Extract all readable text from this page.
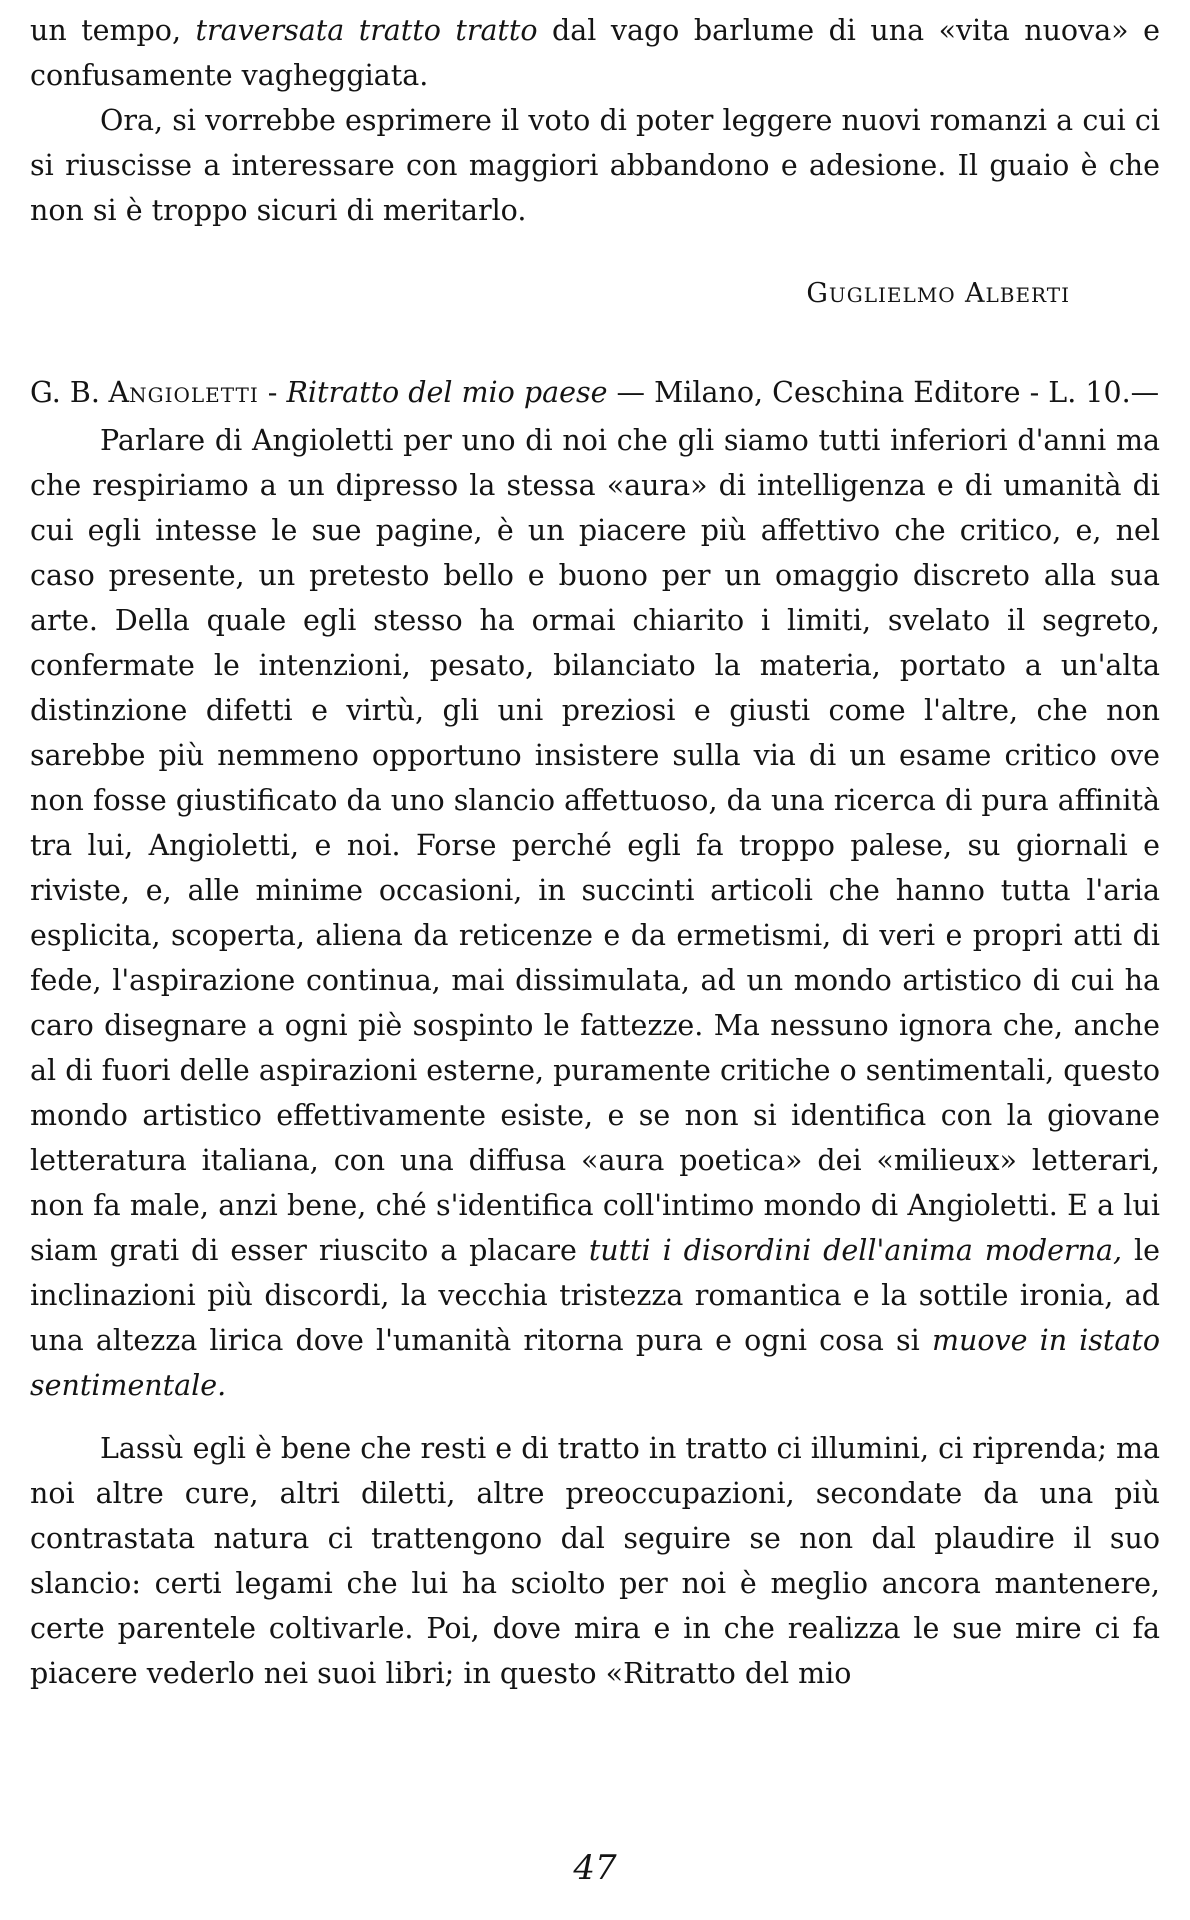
un tempo, traversata tratto tratto dal vago barlume di una «vita nuova» e confusamente vagheggiata.

Ora, si vorrebbe esprimere il voto di poter leggere nuovi romanzi a cui ci si riuscisse a interessare con maggiori abbandono e adesione. Il guaio è che non si è troppo sicuri di meritarlo.

GUGLIELMO ALBERTI

G. B. ANGIOLETTI - Ritratto del mio paese — Milano, Ceschina Editore - L. 10.—

Parlare di Angioletti per uno di noi che gli siamo tutti inferiori d'anni ma che respiriamo a un dipresso la stessa «aura» di intelligenza e di umanità di cui egli intesse le sue pagine, è un piacere più affettivo che critico, e, nel caso presente, un pretesto bello e buono per un omaggio discreto alla sua arte. Della quale egli stesso ha ormai chiarito i limiti, svelato il segreto, confermate le intenzioni, pesato, bilanciato la materia, portato a un'alta distinzione difetti e virtù, gli uni preziosi e giusti come l'altre, che non sarebbe più nemmeno opportuno insistere sulla via di un esame critico ove non fosse giustificato da uno slancio affettuoso, da una ricerca di pura affinità tra lui, Angioletti, e noi. Forse perché egli fa troppo palese, su giornali e riviste, e, alle minime occasioni, in succinti articoli che hanno tutta l'aria esplicita, scoperta, aliena da reticenze e da ermetismi, di veri e propri atti di fede, l'aspirazione continua, mai dissimulata, ad un mondo artistico di cui ha caro disegnare a ogni piè sospinto le fattezze. Ma nessuno ignora che, anche al di fuori delle aspirazioni esterne, puramente critiche o sentimentali, questo mondo artistico effettivamente esiste, e se non si identifica con la giovane letteratura italiana, con una diffusa «aura poetica» dei «milieux» letterari, non fa male, anzi bene, ché s'identifica coll'intimo mondo di Angioletti. E a lui siam grati di esser riuscito a placare tutti i disordini dell'anima moderna, le inclinazioni più discordi, la vecchia tristezza romantica e la sottile ironia, ad una altezza lirica dove l'umanità ritorna pura e ogni cosa si muove in istato sentimentale.

Lassù egli è bene che resti e di tratto in tratto ci illumini, ci riprenda; ma noi altre cure, altri diletti, altre preoccupazioni, secondate da una più contrastata natura ci trattengono dal seguire se non dal plaudire il suo slancio: certi legami che lui ha sciolto per noi è meglio ancora mantenere, certe parentele coltivarle. Poi, dove mira e in che realizza le sue mire ci fa piacere vederlo nei suoi libri; in questo «Ritratto del mio

47
